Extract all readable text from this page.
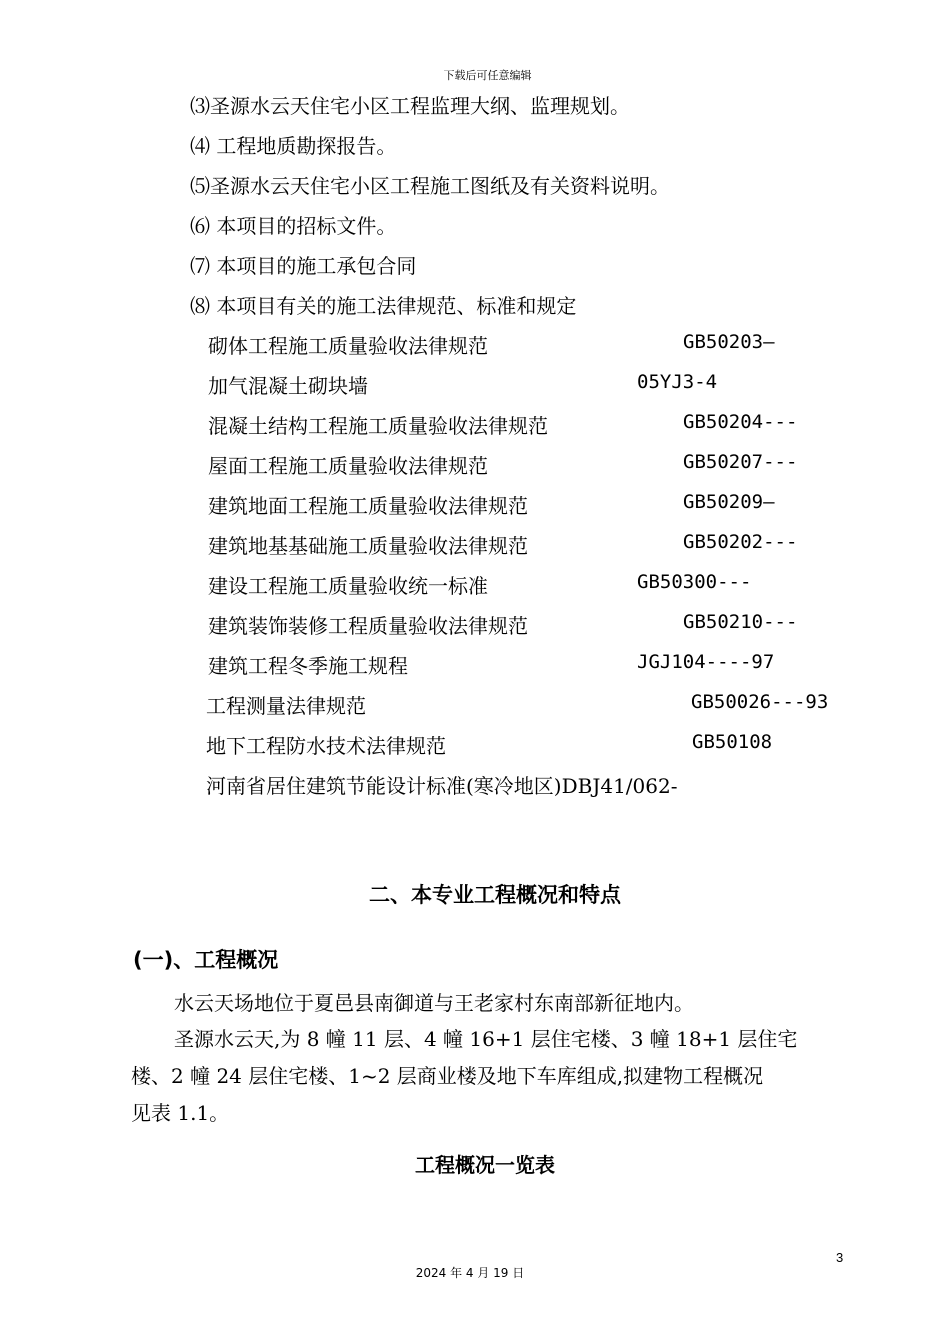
下载后可任意编辑
⑶圣源水云天住宅小区工程监理大纲、监理规划。
⑷ 工程地质勘探报告。
⑸圣源水云天住宅小区工程施工图纸及有关资料说明。
⑹ 本项目的招标文件。
⑺ 本项目的施工承包合同
⑻ 本项目有关的施工法律规范、标准和规定
砌体工程施工质量验收法律规范	GB50203—
加气混凝土砌块墙	05YJ3-4
混凝土结构工程施工质量验收法律规范	GB50204---
屋面工程施工质量验收法律规范	GB50207---
建筑地面工程施工质量验收法律规范	GB50209—
建筑地基基础施工质量验收法律规范	GB50202---
建设工程施工质量验收统一标准	GB50300---
建筑装饰装修工程质量验收法律规范	GB50210---
建筑工程冬季施工规程	JGJ104----97
工程测量法律规范	GB50026---93
地下工程防水技术法律规范	GB50108
河南省居住建筑节能设计标准(寒冷地区)DBJ41/062-
二、本专业工程概况和特点
(一)、工程概况
水云天场地位于夏邑县南御道与王老家村东南部新征地内。
圣源水云天,为 8 幢 11 层、4 幢 16+1 层住宅楼、3 幢 18+1 层住宅
楼、2 幢 24 层住宅楼、1~2 层商业楼及地下车库组成,拟建物工程概况
见表 1.1。
工程概况一览表
3
2024 年 4 月 19 日
